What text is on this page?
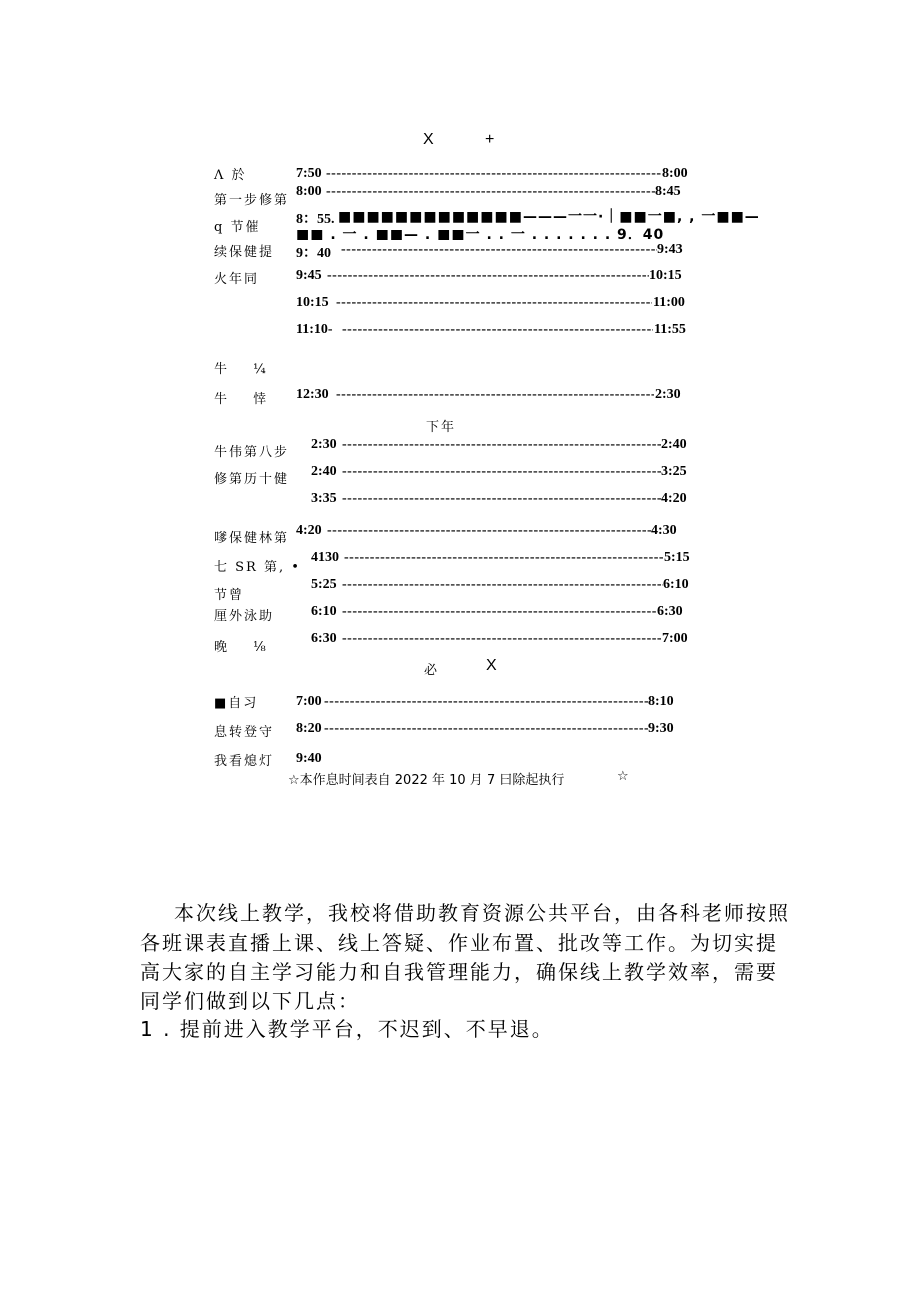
X	+
Λ 於	7:50 -----	8:00
第一步修第
8:00 -----	8:45
q 节催
8：55. ■■■■■■■■■■■■■———一一·｜■■一■, , 一■■—
■■ . 一 . ■■— . ■■一 . . 一 . . . . . . . 9．40
续保健提 9：40 -----	9:43
火年同	9:45 -----	10:15
10:15 -----	11:00
11:10- -----	11:55
牛 ¼
牛 悻 12:30 -----	2:30
下年
牛伟第八步
2:30 -----	2:40
修第历十健
2:40 -----	3:25
3:35 -----	4:20
嗲保健林第
4:20 -----	4:30
七 SR 第, •
4130 -----	5:15
节曾
5:25 -----	6:10
厘外泳助	6:10 -----	6:30
晚 ⅛
6:30 -----	7:00
必	X
■自习	7:00 -----	8:10
息转登守 8:20 -----	9:30
我看熄灯 9:40
☆本作息时间表自 2022 年 10 月 7 曰除起执行	☆
本次线上教学，我校将借助教育资源公共平台，由各科老师按照
各班课表直播上课、线上答疑、作业布置、批改等工作。为切实提
高大家的自主学习能力和自我管理能力，确保线上教学效率，需要
同学们做到以下几点：
1 . 提前进入教学平台，不迟到、不早退。
